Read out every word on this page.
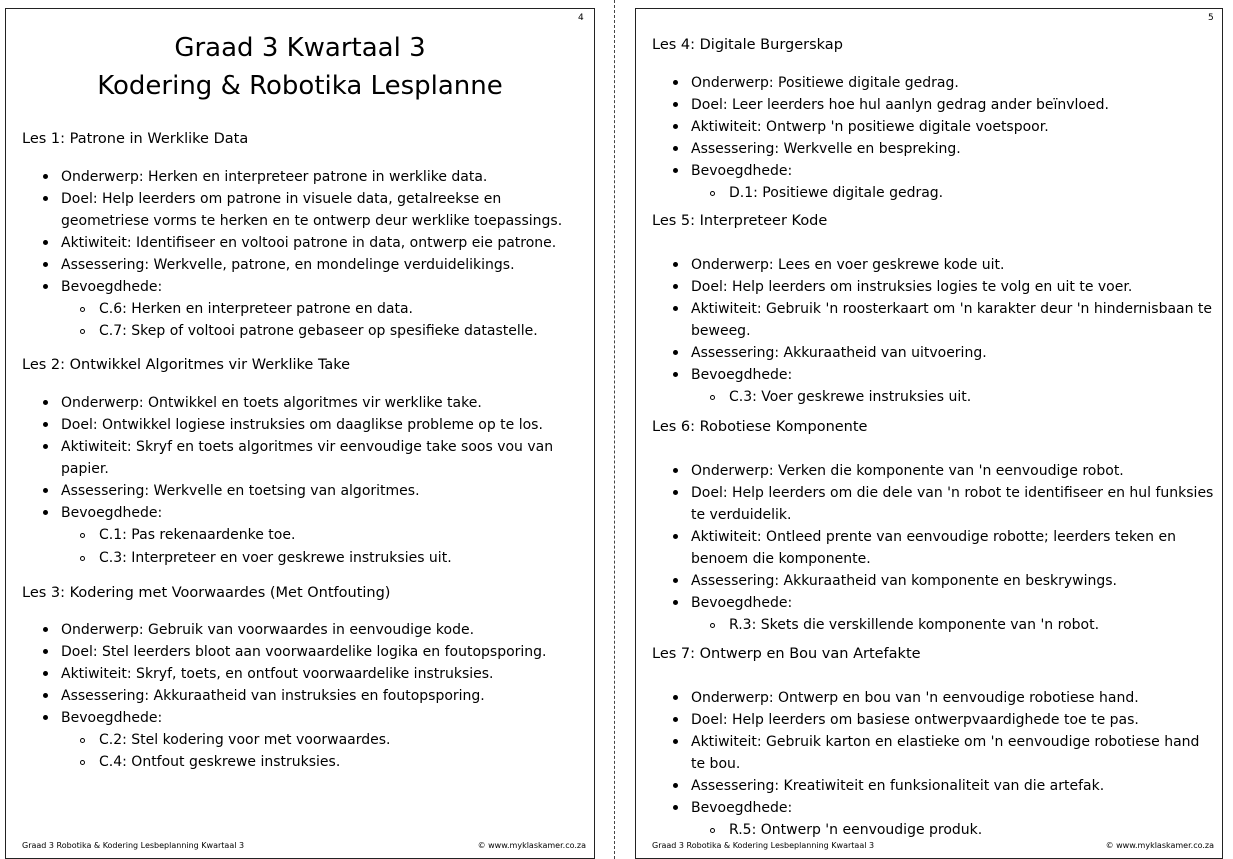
4
Graad 3 Kwartaal 3
Kodering & Robotika Lesplanne
Les 1: Patrone in Werklike Data
Onderwerp: Herken en interpreteer patrone in werklike data.
Doel: Help leerders om patrone in visuele data, getalreekse en geometriese vorms te herken en te ontwerp deur werklike toepassings.
Aktiwiteit: Identifiseer en voltooi patrone in data, ontwerp eie patrone.
Assessering: Werkvelle, patrone, en mondelinge verduidelikings.
Bevoegdhede:
C.6: Herken en interpreteer patrone en data.
C.7: Skep of voltooi patrone gebaseer op spesifieke datastelle.
Les 2: Ontwikkel Algoritmes vir Werklike Take
Onderwerp: Ontwikkel en toets algoritmes vir werklike take.
Doel: Ontwikkel logiese instruksies om daaglikse probleme op te los.
Aktiwiteit: Skryf en toets algoritmes vir eenvoudige take soos vou van papier.
Assessering: Werkvelle en toetsing van algoritmes.
Bevoegdhede:
C.1: Pas rekenaardenke toe.
C.3: Interpreteer en voer geskrewe instruksies uit.
Les 3: Kodering met Voorwaardes (Met Ontfouting)
Onderwerp: Gebruik van voorwaardes in eenvoudige kode.
Doel: Stel leerders bloot aan voorwaardelike logika en foutopsporing.
Aktiwiteit: Skryf, toets, en ontfout voorwaardelike instruksies.
Assessering: Akkuraatheid van instruksies en foutopsporing.
Bevoegdhede:
C.2: Stel kodering voor met voorwaardes.
C.4: Ontfout geskrewe instruksies.
Graad 3 Robotika & Kodering Lesbeplanning Kwartaal 3	© www.myklaskamer.co.za
5
Les 4: Digitale Burgerskap
Onderwerp: Positiewe digitale gedrag.
Doel: Leer leerders hoe hul aanlyn gedrag ander beïnvloed.
Aktiwiteit: Ontwerp 'n positiewe digitale voetspoor.
Assessering: Werkvelle en bespreking.
Bevoegdhede:
D.1: Positiewe digitale gedrag.
Les 5: Interpreteer Kode
Onderwerp: Lees en voer geskrewe kode uit.
Doel: Help leerders om instruksies logies te volg en uit te voer.
Aktiwiteit: Gebruik 'n roosterkaart om 'n karakter deur 'n hindernisbaan te beweeg.
Assessering: Akkuraatheid van uitvoering.
Bevoegdhede:
C.3: Voer geskrewe instruksies uit.
Les 6: Robotiese Komponente
Onderwerp: Verken die komponente van 'n eenvoudige robot.
Doel: Help leerders om die dele van 'n robot te identifiseer en hul funksies te verduidelik.
Aktiwiteit: Ontleed prente van eenvoudige robotte; leerders teken en benoem die komponente.
Assessering: Akkuraatheid van komponente en beskrywings.
Bevoegdhede:
R.3: Skets die verskillende komponente van 'n robot.
Les 7: Ontwerp en Bou van Artefakte
Onderwerp: Ontwerp en bou van 'n eenvoudige robotiese hand.
Doel: Help leerders om basiese ontwerpvaardighede toe te pas.
Aktiwiteit: Gebruik karton en elastieke om 'n eenvoudige robotiese hand te bou.
Assessering: Kreatiwiteit en funksionaliteit van die artefak.
Bevoegdhede:
R.5: Ontwerp 'n eenvoudige produk.
Graad 3 Robotika & Kodering Lesbeplanning Kwartaal 3	© www.myklaskamer.co.za
